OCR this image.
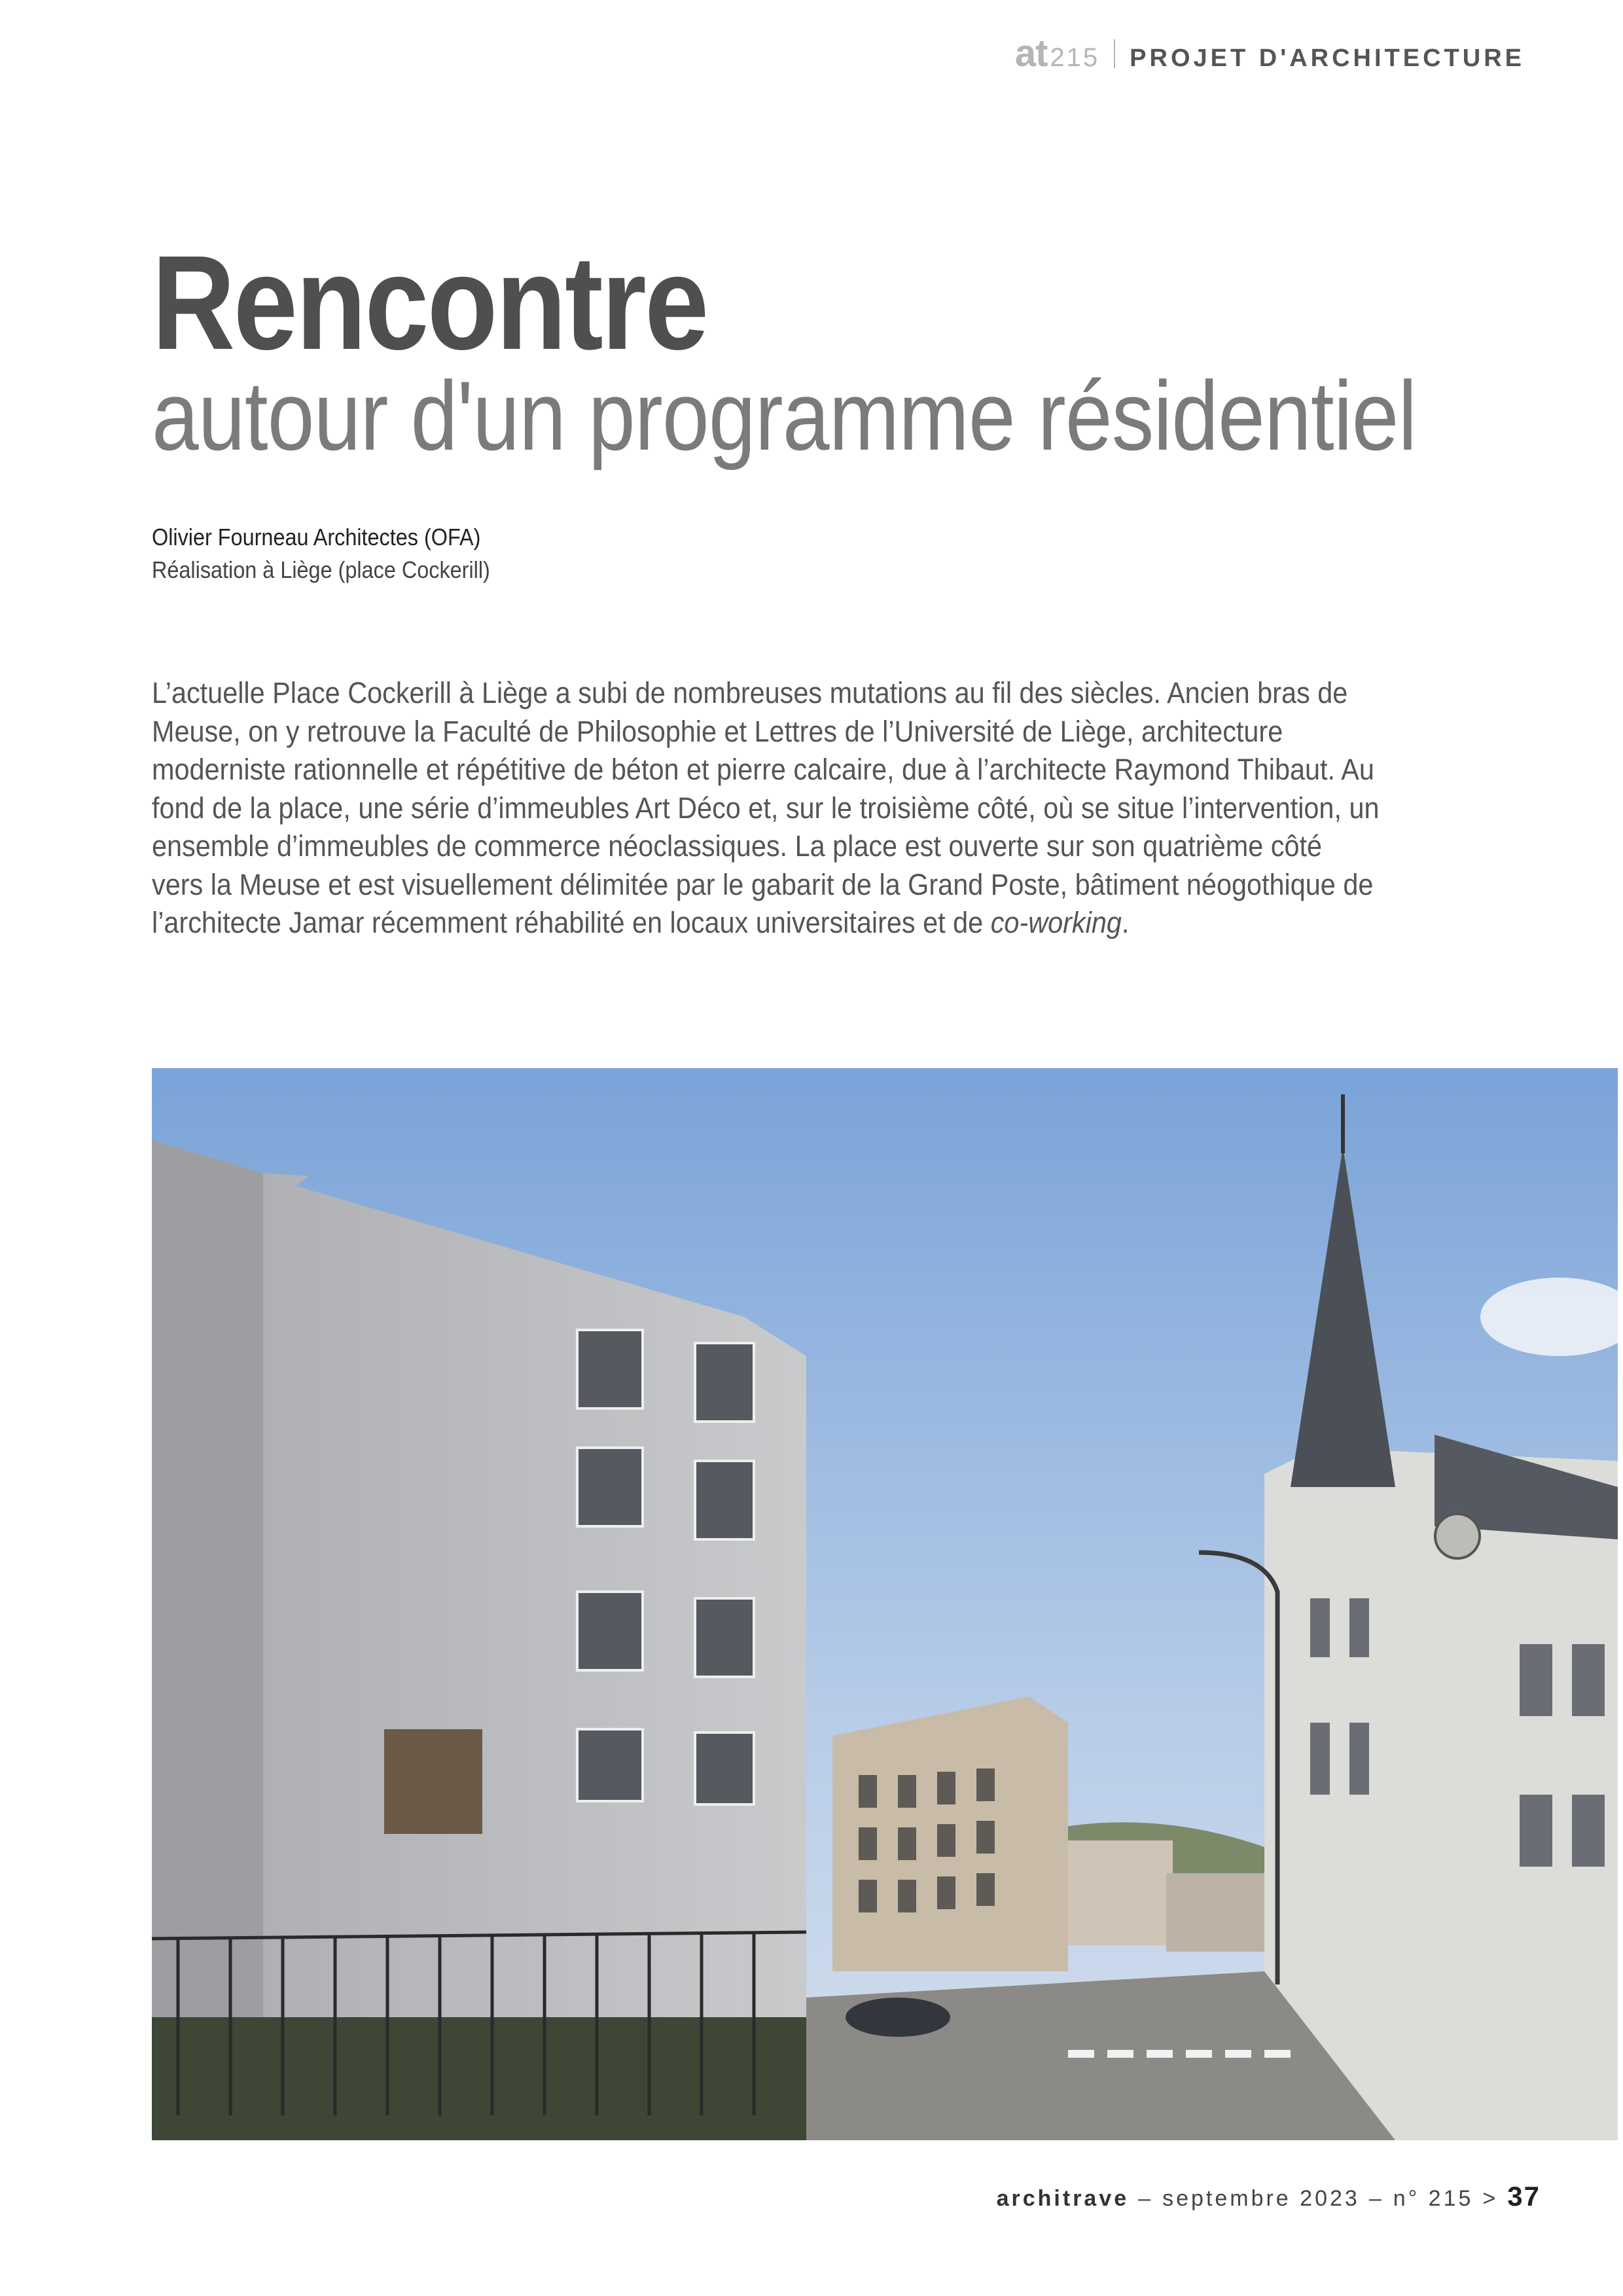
at 215 PROJET D'ARCHITECTURE
Rencontre
autour d'un programme résidentiel
Olivier Fourneau Architectes (OFA)
Réalisation à Liège (place Cockerill)

L’actuelle Place Cockerill à Liège a subi de nombreuses mutations au fil des siècles. Ancien bras de Meuse, on y retrouve la Faculté de Philosophie et Lettres de l’Université de Liège, architecture moderniste rationnelle et répétitive de béton et pierre calcaire, due à l’architecte Raymond Thibaut. Au fond de la place, une série d’immeubles Art Déco et, sur le troisième côté, où se situe l’intervention, un ensemble d’immeubles de commerce néoclassiques. La place est ouverte sur son quatrième côté vers la Meuse et est visuellement délimitée par le gabarit de la Grand Poste, bâtiment néogothique de l’architecte Jamar récemment réhabilité en locaux universitaires et de co-working.

architrave – septembre 2023 – n° 215 > 37
